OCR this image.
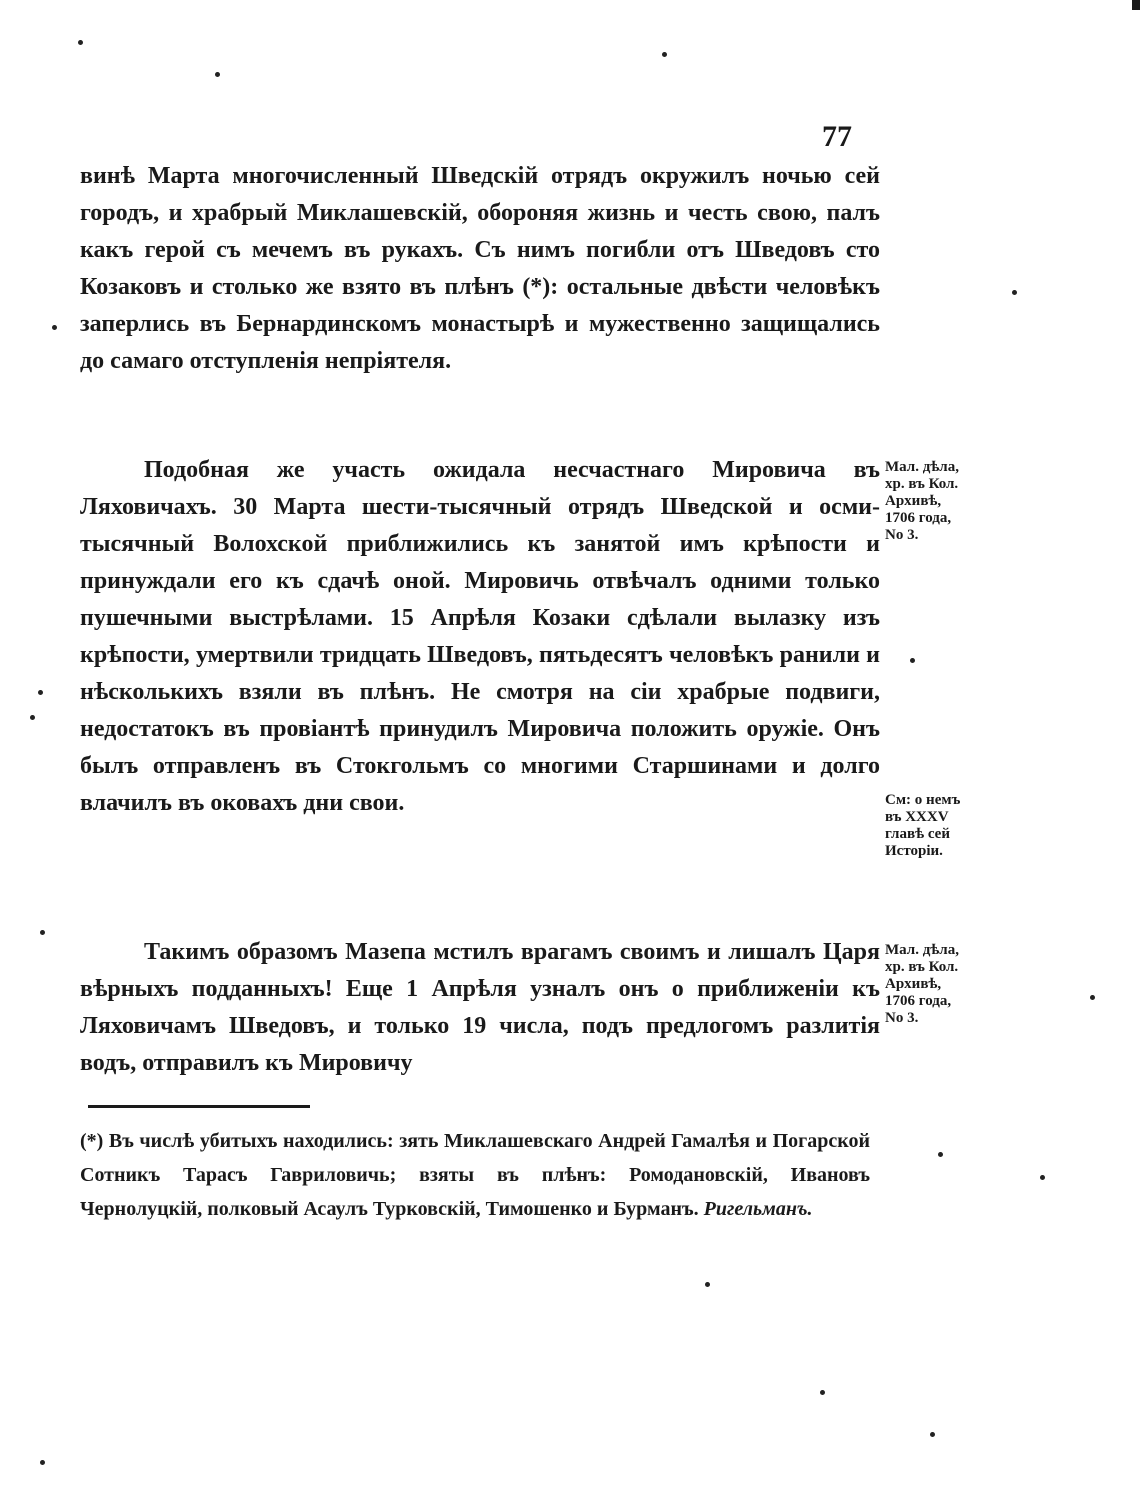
77
винѣ Марта многочисленный Шведскій отрядъ окружилъ ночью сей городъ, и храбрый Миклашевскій, обороняя жизнь и честь свою, палъ какъ герой съ мечемъ въ рукахъ. Съ нимъ погибли отъ Шведовъ сто Козаковъ и столько же взято въ плѣнъ (*): остальные двѣсти человѣкъ заперлись въ Бернардинскомъ монастырѣ и мужественно защищались до самаго отступленія непріятеля.
Подобная же участь ожидала несчастнаго Мировича въ Ляховичахъ. 30 Марта шести-тысячный отрядъ Шведской и осми-тысячный Волохской приближились къ занятой имъ крѣпости и принуждали его къ сдачѣ оной. Мировичь отвѣчалъ одними только пушечными выстрѣлами. 15 Апрѣля Козаки сдѣлали вылазку изъ крѣпости, умертвили тридцать Шведовъ, пятьдесятъ человѣкъ ранили и нѣсколькихъ взяли въ плѣнъ. Не смотря на сіи храбрые подвиги, недостатокъ въ провіантѣ принудилъ Мировича положить оружіе. Онъ былъ отправленъ въ Стокгольмъ со многими Старшинами и долго влачилъ въ оковахъ дни свои.
Такимъ образомъ Мазепа мстилъ врагамъ своимъ и лишалъ Царя вѣрныхъ подданныхъ! Еще 1 Апрѣля узналъ онъ о приближеніи къ Ляховичамъ Шведовъ, и только 19 числа, подъ предлогомъ разлитія водъ, отправилъ къ Мировичу
Мал. дѣла,
хр. въ Кол.
Архивѣ,
1706 года,
No 3.
См: о немъ
въ XXXV
главѣ сей
Исторіи.
Мал. дѣла,
хр. въ Кол.
Архивѣ,
1706 года,
No 3.
(*) Въ числѣ убитыхъ находились: зять Миклашевскаго Андрей Гамалѣя и Погарской Сотникъ Тарасъ Гавриловичь; взяты въ плѣнъ: Ромодановскій, Ивановъ Чернолуцкій, полковый Асаулъ Турковскій, Тимошенко и Бурманъ. Ригельманъ.
